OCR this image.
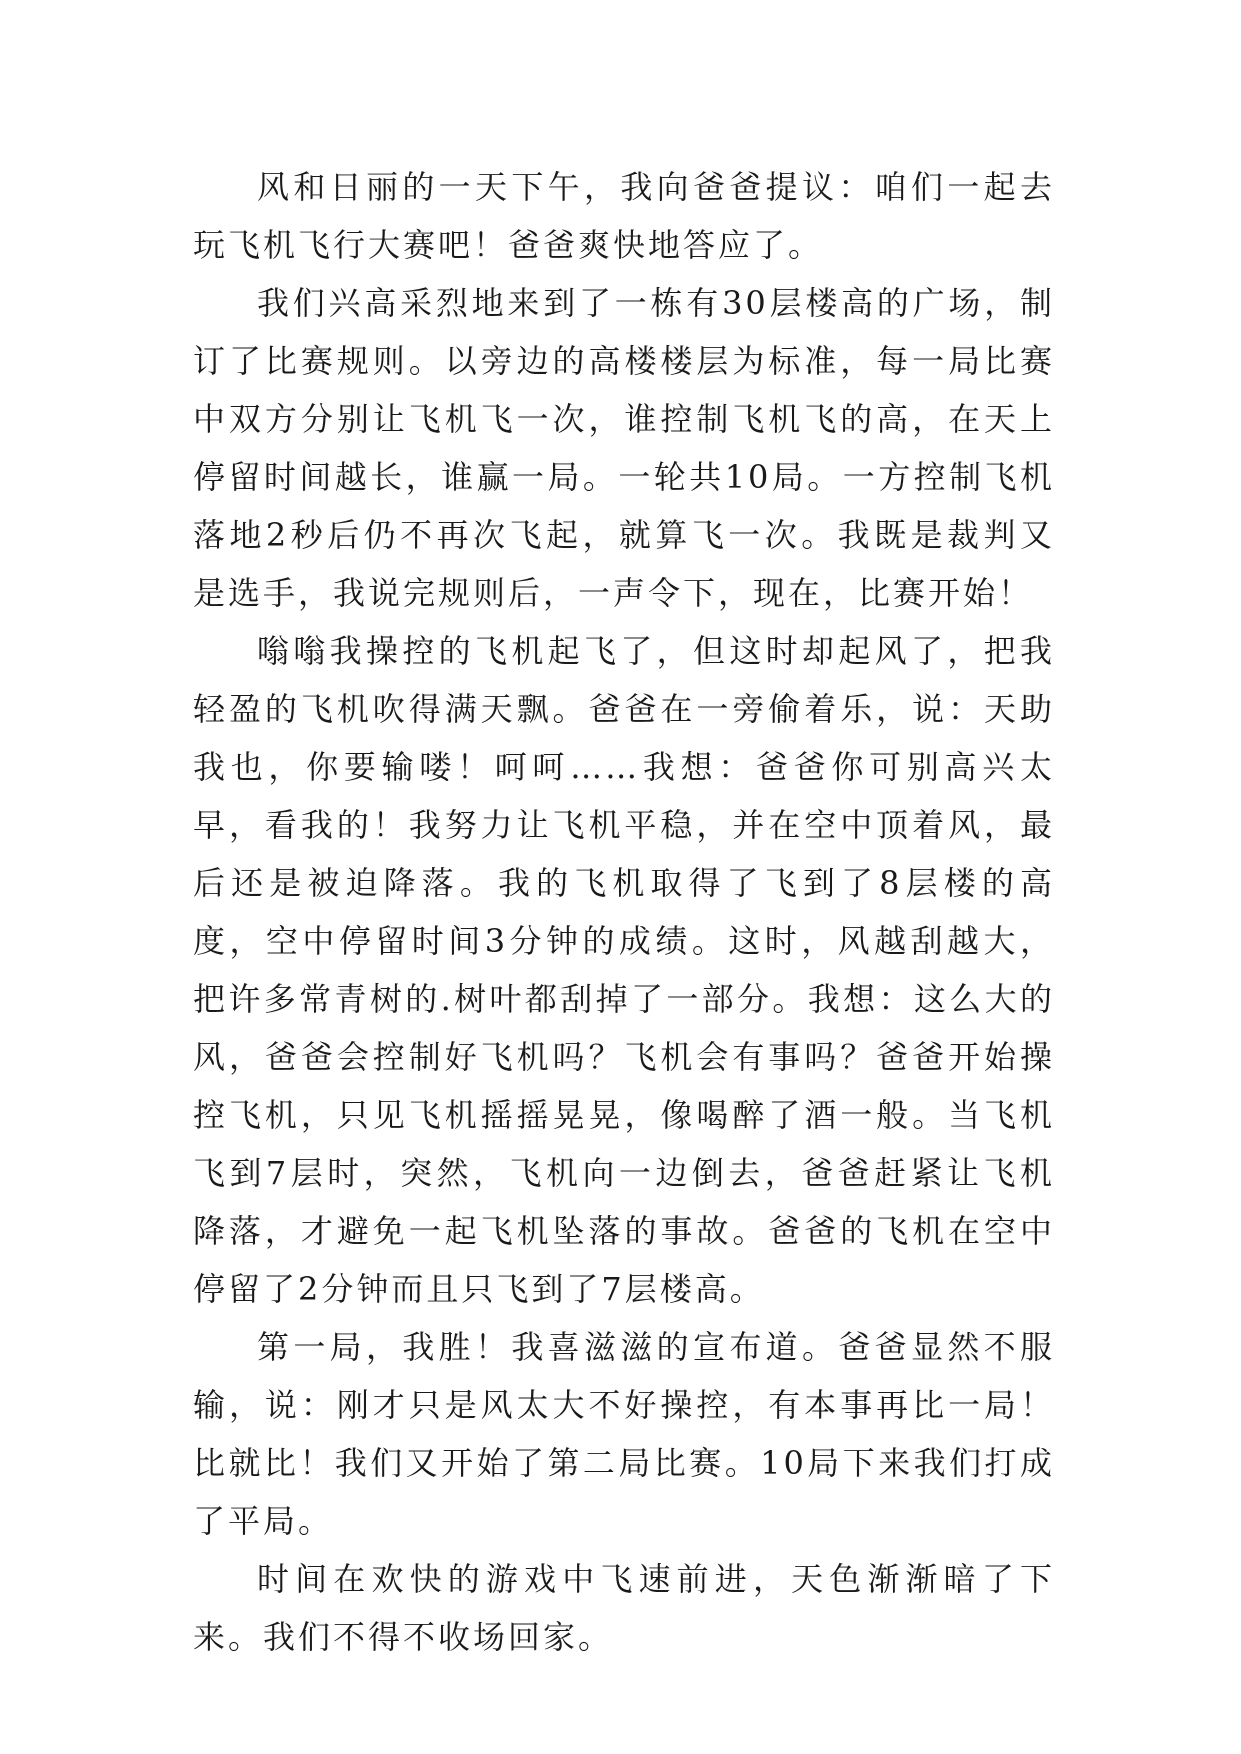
风和日丽的一天下午，我向爸爸提议：咱们一起去玩飞机飞行大赛吧！爸爸爽快地答应了。

我们兴高采烈地来到了一栋有30层楼高的广场，制订了比赛规则。以旁边的高楼楼层为标准，每一局比赛中双方分别让飞机飞一次，谁控制飞机飞的高，在天上停留时间越长，谁赢一局。一轮共10局。一方控制飞机落地2秒后仍不再次飞起，就算飞一次。我既是裁判又是选手，我说完规则后，一声令下，现在，比赛开始！

嗡嗡我操控的飞机起飞了，但这时却起风了，把我轻盈的飞机吹得满天飘。爸爸在一旁偷着乐，说：天助我也，你要输喽！呵呵……我想：爸爸你可别高兴太早，看我的！我努力让飞机平稳，并在空中顶着风，最后还是被迫降落。我的飞机取得了飞到了8层楼的高度，空中停留时间3分钟的成绩。这时，风越刮越大，把许多常青树的.树叶都刮掉了一部分。我想：这么大的风，爸爸会控制好飞机吗？飞机会有事吗？爸爸开始操控飞机，只见飞机摇摇晃晃，像喝醉了酒一般。当飞机飞到7层时，突然，飞机向一边倒去，爸爸赶紧让飞机降落，才避免一起飞机坠落的事故。爸爸的飞机在空中停留了2分钟而且只飞到了7层楼高。

第一局，我胜！我喜滋滋的宣布道。爸爸显然不服输，说：刚才只是风太大不好操控，有本事再比一局！比就比！我们又开始了第二局比赛。10局下来我们打成了平局。

时间在欢快的游戏中飞速前进，天色渐渐暗了下来。我们不得不收场回家。
